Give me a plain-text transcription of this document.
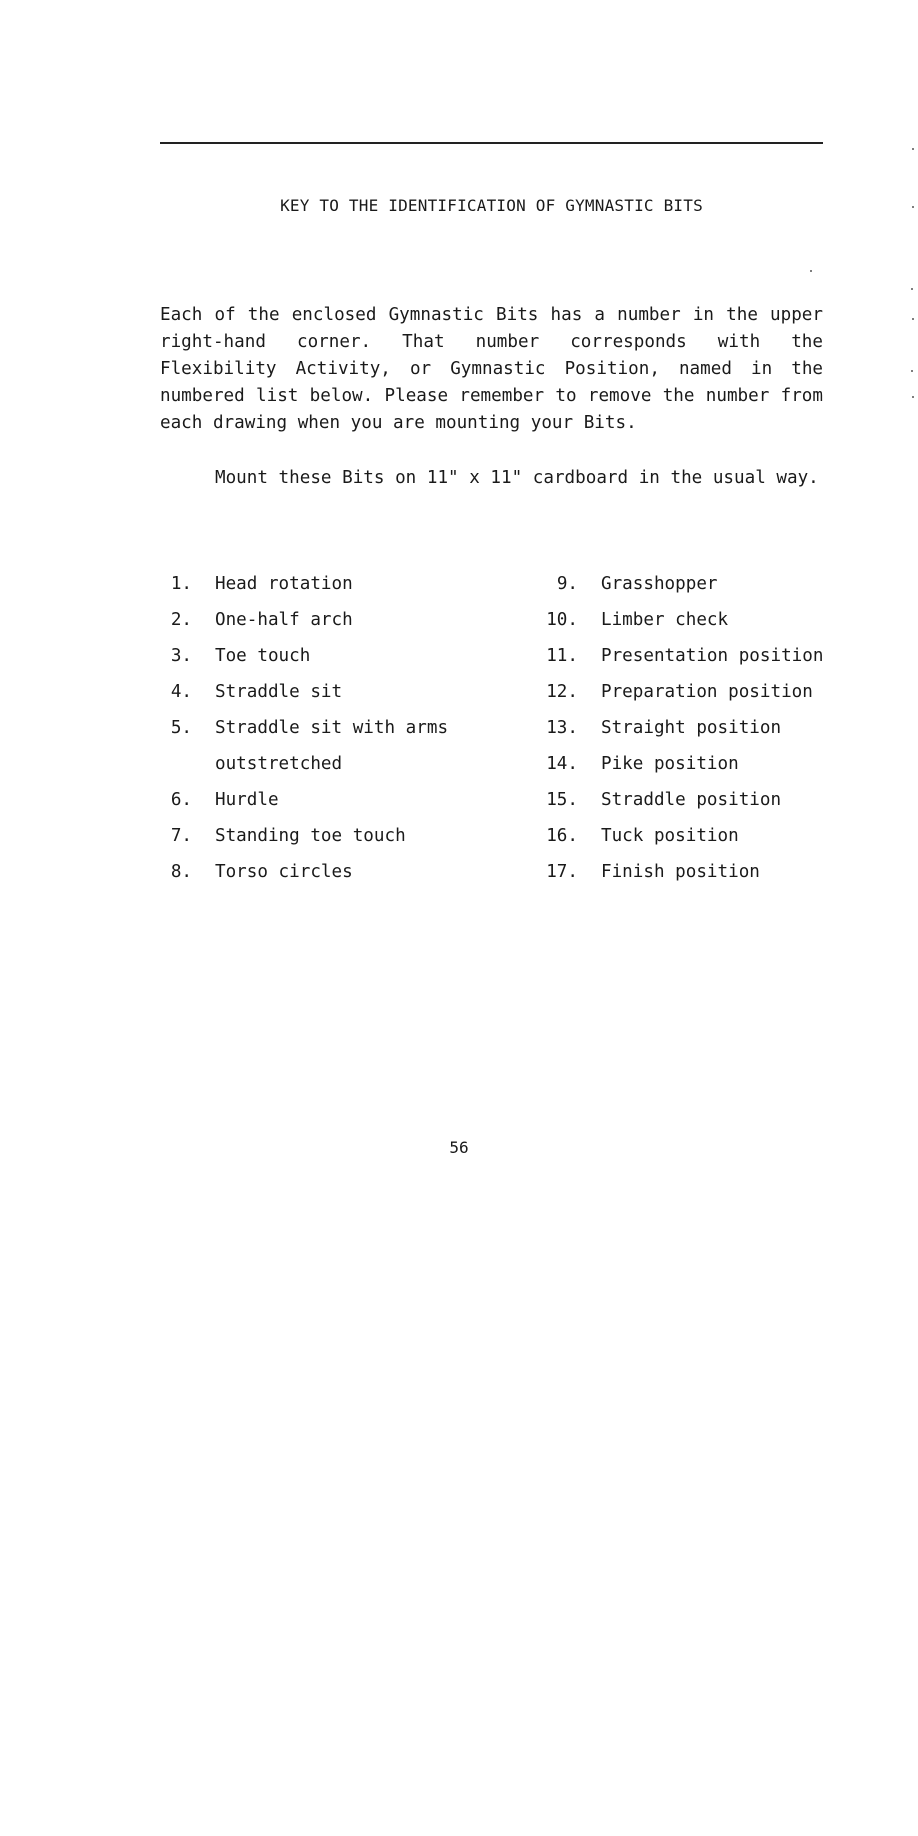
KEY TO THE IDENTIFICATION OF GYMNASTIC BITS

Each of the enclosed Gymnastic Bits has a number in the upper right-hand corner. That number corresponds with the Flexibility Activity, or Gymnastic Position, named in the numbered list below. Please remember to remove the number from each drawing when you are mounting your Bits.

Mount these Bits on 11" x 11" cardboard in the usual way.

1. Head rotation
2. One-half arch
3. Toe touch
4. Straddle sit
5. Straddle sit with arms
outstretched
6. Hurdle
7. Standing toe touch
8. Torso circles
9. Grasshopper
10. Limber check
11. Presentation position
12. Preparation position
13. Straight position
14. Pike position
15. Straddle position
16. Tuck position
17. Finish position
56
